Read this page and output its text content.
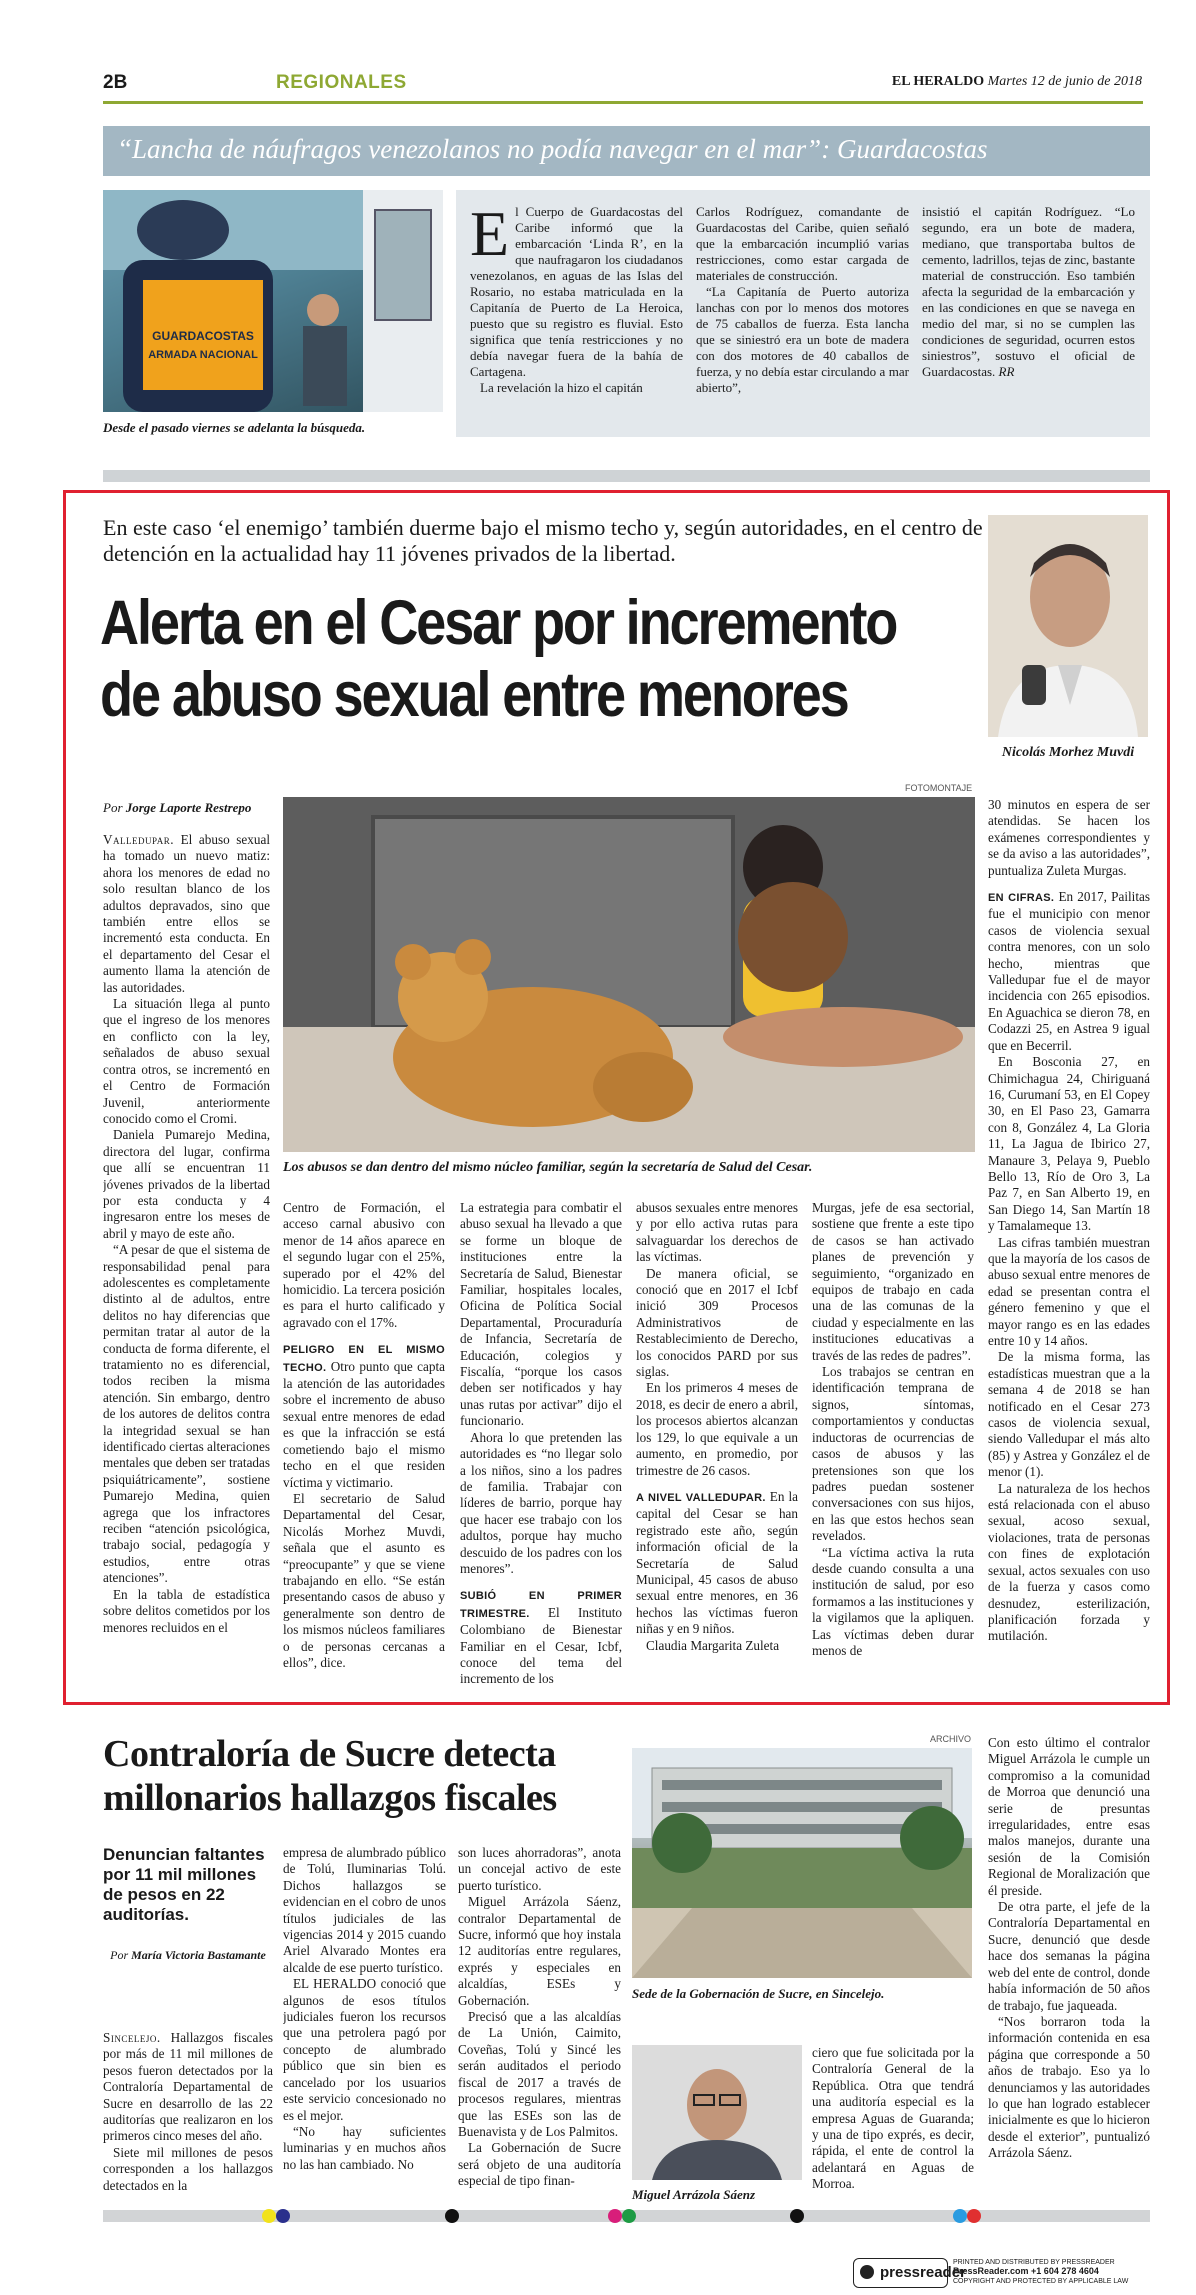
2B	REGIONALES	EL HERALDO Martes 12 de junio de 2018
“Lancha de náufragos venezolanos no podía navegar en el mar”: Guardacostas
GUARDACOSTAS
ARMADA NACIONAL
Desde el pasado viernes se adelanta la búsqueda.
El Cuerpo de Guardacostas del Caribe informó que la embarcación ‘Linda R’, en la que naufragaron los ciudadanos venezolanos, en aguas de las Islas del Rosario, no estaba matriculada en la Capitanía de Puerto de La Heroica, puesto que su registro es fluvial. Esto significa que tenía restricciones y no debía navegar fuera de la bahía de Cartagena.

La revelación la hizo el capitán

Carlos Rodríguez, comandante de Guardacostas del Caribe, quien señaló que la embarcación incumplió varias restricciones, como estar cargada de materiales de construcción.

“La Capitanía de Puerto autoriza lanchas con por lo menos dos motores de 75 caballos de fuerza. Esta lancha que se siniestró era un bote de madera con dos motores de 40 caballos de fuerza, y no debía estar circulando a mar abierto”,

insistió el capitán Rodríguez. “Lo segundo, era un bote de madera, mediano, que transportaba bultos de cemento, ladrillos, tejas de zinc, bastante material de construcción. Eso también afecta la seguridad de la embarcación y en las condiciones en que se navega en medio del mar, si no se cumplen las condiciones de seguridad, ocurren estos siniestros”, sostuvo el oficial de Guardacostas. RR
En este caso ‘el enemigo’ también duerme bajo el mismo techo y, según autoridades, en el centro de detención en la actualidad hay 11 jóvenes privados de la libertad.
Alerta en el Cesar por incremento
de abuso sexual entre menores
Nicolás Morhez Muvdi
FOTOMONTAJE
Los abusos se dan dentro del mismo núcleo familiar, según la secretaría de Salud del Cesar.
Por Jorge Laporte Restrepo

Valledupar. El abuso sexual ha tomado un nuevo matiz: ahora los menores de edad no solo resultan blanco de los adultos depravados, sino que también entre ellos se incrementó esta conducta. En el departamento del Cesar el aumento llama la atención de las autoridades.

La situación llega al punto que el ingreso de los menores en conflicto con la ley, señalados de abuso sexual contra otros, se incrementó en el Centro de Formación Juvenil, anteriormente conocido como el Cromi.

Daniela Pumarejo Medina, directora del lugar, confirma que allí se encuentran 11 jóvenes privados de la libertad por esta conducta y 4 ingresaron entre los meses de abril y mayo de este año.

“A pesar de que el sistema de responsabilidad penal para adolescentes es completamente distinto al de adultos, entre delitos no hay diferencias que permitan tratar al autor de la conducta de forma diferente, el tratamiento no es diferencial, todos reciben la misma atención. Sin embargo, dentro de los autores de delitos contra la integridad sexual se han identificado ciertas alteraciones mentales que deben ser tratadas psiquiátricamente”, sostiene Pumarejo Medina, quien agrega que los infractores reciben “atención psicológica, trabajo social, pedagogía y estudios, entre otras atenciones”.

En la tabla de estadística sobre delitos cometidos por los menores recluidos en el

Centro de Formación, el acceso carnal abusivo con menor de 14 años aparece en el segundo lugar con el 25%, superado por el 42% del homicidio. La tercera posición es para el hurto calificado y agravado con el 17%.

PELIGRO EN EL MISMO TECHO. Otro punto que capta la atención de las autoridades sobre el incremento de abuso sexual entre menores de edad es que la infracción se está cometiendo bajo el mismo techo en el que residen víctima y victimario.

El secretario de Salud Departamental del Cesar, Nicolás Morhez Muvdi, señala que el asunto es “preocupante” y que se viene trabajando en ello. “Se están presentando casos de abuso y generalmente son dentro de los mismos núcleos familiares o de personas cercanas a ellos”, dice.

La estrategia para combatir el abuso sexual ha llevado a que se forme un bloque de instituciones entre la Secretaría de Salud, Bienestar Familiar, hospitales locales, Oficina de Política Social Departamental, Procuraduría de Infancia, Secretaría de Educación, colegios y Fiscalía, “porque los casos deben ser notificados y hay unas rutas por activar” dijo el funcionario.

Ahora lo que pretenden las autoridades es “no llegar solo a los niños, sino a los padres de familia. Trabajar con líderes de barrio, porque hay que hacer ese trabajo con los adultos, porque hay mucho descuido de los padres con los menores”.

SUBIÓ EN PRIMER TRIMESTRE. El Instituto Colombiano de Bienestar Familiar en el Cesar, Icbf, conoce del tema del incremento de los

abusos sexuales entre menores y por ello activa rutas para salvaguardar los derechos de las víctimas.

De manera oficial, se conoció que en 2017 el Icbf inició 309 Procesos Administrativos de Restablecimiento de Derecho, los conocidos PARD por sus siglas.

En los primeros 4 meses de 2018, es decir de enero a abril, los procesos abiertos alcanzan los 129, lo que equivale a un aumento, en promedio, por trimestre de 26 casos.

A NIVEL VALLEDUPAR. En la capital del Cesar se han registrado este año, según información oficial de la Secretaría de Salud Municipal, 45 casos de abuso sexual entre menores, en 36 hechos las víctimas fueron niñas y en 9 niños.

Claudia Margarita Zuleta

Murgas, jefe de esa sectorial, sostiene que frente a este tipo de casos se han activado planes de prevención y seguimiento, “organizado en equipos de trabajo en cada una de las comunas de la ciudad y especialmente en las instituciones educativas a través de las redes de padres”.

Los trabajos se centran en identificación temprana de signos, síntomas, comportamientos y conductas inductoras de ocurrencias de casos de abusos y las pretensiones son que los padres puedan sostener conversaciones con sus hijos, en las que estos hechos sean revelados.

“La víctima activa la ruta desde cuando consulta a una institución de salud, por eso formamos a las instituciones y la vigilamos que la apliquen. Las víctimas deben durar menos de

30 minutos en espera de ser atendidas. Se hacen los exámenes correspondientes y se da aviso a las autoridades”, puntualiza Zuleta Murgas.

EN CIFRAS. En 2017, Pailitas fue el municipio con menor casos de violencia sexual contra menores, con un solo hecho, mientras que Valledupar fue el de mayor incidencia con 265 episodios. En Aguachica se dieron 78, en Codazzi 25, en Astrea 9 igual que en Becerril.

En Bosconia 27, en Chimichagua 24, Chiriguaná 16, Curumaní 53, en El Copey 30, en El Paso 23, Gamarra con 8, González 4, La Gloria 11, La Jagua de Ibirico 27, Manaure 3, Pelaya 9, Pueblo Bello 13, Río de Oro 3, La Paz 7, en San Alberto 19, en San Diego 14, San Martín 18 y Tamalameque 13.

Las cifras también muestran que la mayoría de los casos de abuso sexual entre menores de edad se presentan contra el género femenino y que el mayor rango es en las edades entre 10 y 14 años.

De la misma forma, las estadísticas muestran que a la semana 4 de 2018 se han notificado en el Cesar 273 casos de violencia sexual, siendo Valledupar el más alto (85) y Astrea y González el de menor (1).

La naturaleza de los hechos está relacionada con el abuso sexual, acoso sexual, violaciones, trata de personas con fines de explotación sexual, actos sexuales con uso de la fuerza y casos como desnudez, esterilización, planificación forzada y mutilación.

Contraloría de Sucre detecta
millonarios hallazgos fiscales
Denuncian faltantes por 11 mil millones de pesos en 22 auditorías.
Por María Victoria Bastamante
ARCHIVO
Sede de la Gobernación de Sucre, en Sincelejo.
Miguel Arrázola Sáenz

Sincelejo. Hallazgos fiscales por más de 11 mil millones de pesos fueron detectados por la Contraloría Departamental de Sucre en desarrollo de las 22 auditorías que realizaron en los primeros cinco meses del año.

Siete mil millones de pesos corresponden a los hallazgos detectados en la

empresa de alumbrado público de Tolú, Iluminarias Tolú. Dichos hallazgos se evidencian en el cobro de unos títulos judiciales de las vigencias 2014 y 2015 cuando Ariel Alvarado Montes era alcalde de ese puerto turístico.

EL HERALDO conoció que algunos de esos títulos judiciales fueron los recursos que una petrolera pagó por concepto de alumbrado público que sin bien es cancelado por los usuarios este servicio concesionado no es el mejor.

“No hay suficientes luminarias y en muchos años no las han cambiado. No

son luces ahorradoras”, anota un concejal activo de este puerto turístico.

Miguel Arrázola Sáenz, contralor Departamental de Sucre, informó que hoy instala 12 auditorías entre regulares, exprés y especiales en alcaldías, ESEs y Gobernación.

Precisó que a las alcaldías de La Unión, Caimito, Coveñas, Tolú y Sincé les serán auditados el periodo fiscal de 2017 a través de procesos regulares, mientras que las ESEs son las de Buenavista y de Los Palmitos.

La Gobernación de Sucre será objeto de una auditoría especial de tipo finan-

ciero que fue solicitada por la Contraloría General de la República. Otra que tendrá una auditoría especial es la empresa Aguas de Guaranda; y una de tipo exprés, es decir, rápida, el ente de control la adelantará en Aguas de Morroa.

Con esto último el contralor Miguel Arrázola le cumple un compromiso a la comunidad de Morroa que denunció una serie de presuntas irregularidades, entre esas malos manejos, durante una sesión de la Comisión Regional de Moralización que él preside.

De otra parte, el jefe de la Contraloría Departamental en Sucre, denunció que desde hace dos semanas la página web del ente de control, donde había información de 50 años de trabajo, fue jaqueada.

“Nos borraron toda la información contenida en esa página que corresponde a 50 años de trabajo. Eso ya lo denunciamos y las autoridades lo que han logrado establecer inicialmente es que lo hicieron desde el exterior”, puntualizó Arrázola Sáenz.

pressreader
PRINTED AND DISTRIBUTED BY PRESSREADER
PressReader.com +1 604 278 4604
COPYRIGHT AND PROTECTED BY APPLICABLE LAW
